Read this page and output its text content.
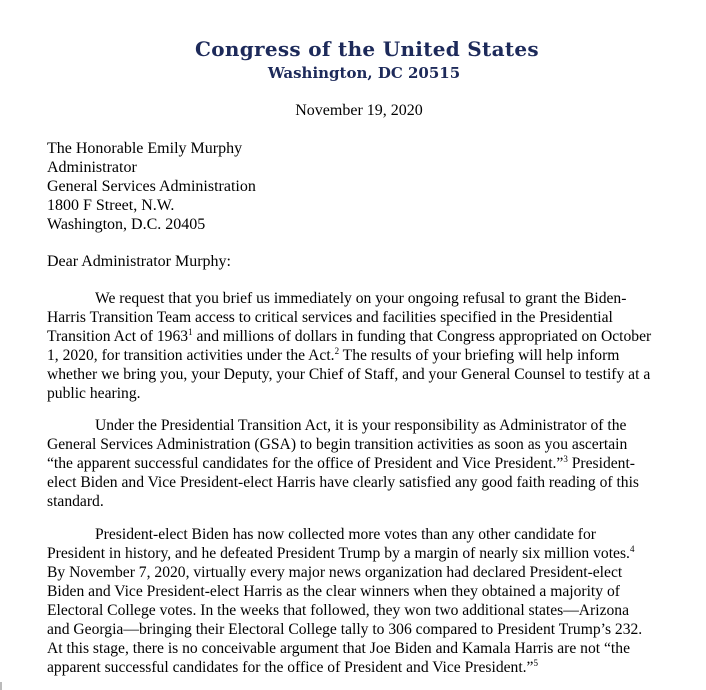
Congress of the United States
Washington, DC 20515
November 19, 2020
The Honorable Emily Murphy
Administrator
General Services Administration
1800 F Street, N.W.
Washington, D.C. 20405
Dear Administrator Murphy:
We request that you brief us immediately on your ongoing refusal to grant the Biden-
Harris Transition Team access to critical services and facilities specified in the Presidential
Transition Act of 1963$^1$ and millions of dollars in funding that Congress appropriated on October
1, 2020, for transition activities under the Act.$^2$ The results of your briefing will help inform
whether we bring you, your Deputy, your Chief of Staff, and your General Counsel to testify at a
public hearing.
Under the Presidential Transition Act, it is your responsibility as Administrator of the
General Services Administration (GSA) to begin transition activities as soon as you ascertain
“the apparent successful candidates for the office of President and Vice President.”$^3$ President-
elect Biden and Vice President-elect Harris have clearly satisfied any good faith reading of this
standard.
President-elect Biden has now collected more votes than any other candidate for
President in history, and he defeated President Trump by a margin of nearly six million votes.$^4$
By November 7, 2020, virtually every major news organization had declared President-elect
Biden and Vice President-elect Harris as the clear winners when they obtained a majority of
Electoral College votes. In the weeks that followed, they won two additional states—Arizona
and Georgia—bringing their Electoral College tally to 306 compared to President Trump’s 232.
At this stage, there is no conceivable argument that Joe Biden and Kamala Harris are not “the
apparent successful candidates for the office of President and Vice President.”$^5$
